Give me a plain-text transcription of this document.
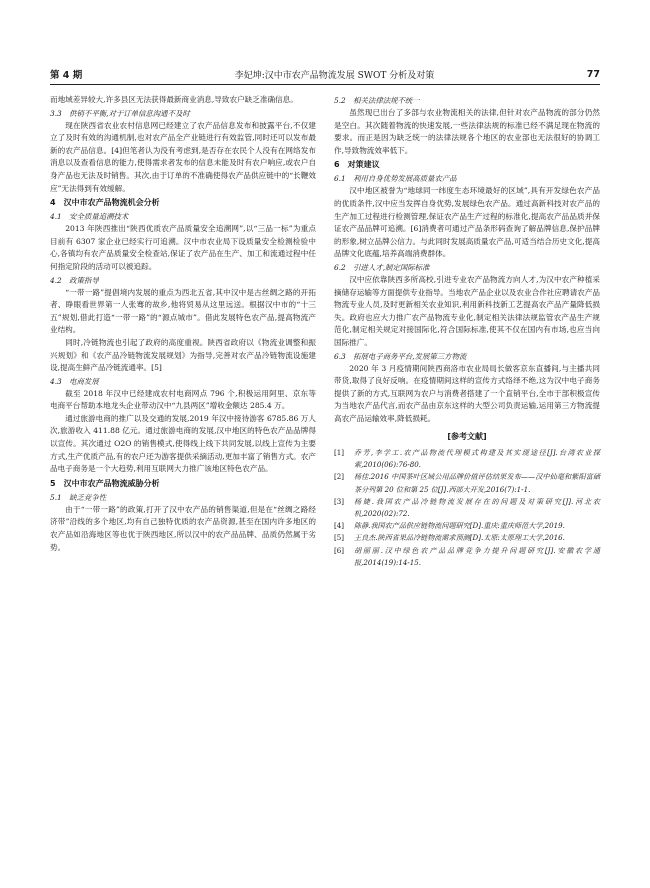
第 4 期	李妃坤:汉中市农产品物流发展 SWOT 分析及对策	77

而地域差异较大,许多县区无法获得最新商业消息,导致农户缺乏准确信息。

3.3　供销不平衡,对于订单信息沟通不及时

现在陕西省农业农村信息网已经建立了农产品信息发布和披露平台,不仅建立了及时有效的沟通机制,也对农产品全产业链进行有效监管,同时还可以发布最新的农产品信息。[4]但笔者认为没有考虑到,是否存在农民个人没有在网络发布消息以及查看信息的能力,使得需求者发布的信息未能及时有农户响应,或农户自身产品也无法及时销售。其次,由于订单的不准确使得农产品供应链中的“长鞭效应”无法得到有效缓解。

4　汉中市农产品物流机会分析
4.1　安全质量追溯技术

2013 年陕西推出“陕西优质农产品质量安全追溯网”,以“三品一标”为重点目前有 6307 家企业已经实行可追溯。汉中市农业局下设质量安全检测检验中心,各镇均有农产品质量安全检查站,保证了农产品在生产、加工和流通过程中任何指定阶段的活动可以被追踪。

4.2　政策指导

“一带一路”提倡境内发展的重点为西北五省,其中汉中是古丝绸之路的开拓者、睁眼看世界第一人张骞的故乡,他将贸易从这里远送。根据汉中市的“十三五”规划,借此打造“一带一路”的“源点城市”。借此发展特色农产品,提高物流产业结构。

同时,冷链物流也引起了政府的高度重视。陕西省政府以《物流业调整和振兴规划》和《农产品冷链物流发展规划》为指导,完善对农产品冷链物流设施建设,提高生鲜产品冷链流通率。[5]

4.3　电商发展

截至 2018 年汉中已经建成农村电商网点 796 个,积极运用阿里、京东等电商平台帮助本地龙头企业带动汉中“九县两区”增收金额达 285.4 万。

通过旅游电商的推广以及交通的发展,2019 年汉中接待游客 6785.86 万人次,旅游收入 411.88 亿元。通过旅游电商的发展,汉中地区的特色农产品品牌得以宣传。其次通过 O2O 的销售模式,使得线上线下共同发展,以线上宣传为主要方式,生产优质产品,有的农户还为游客提供采摘活动,更加丰富了销售方式。农产品电子商务是一个大趋势,利用互联网大力推广该地区特色农产品。

5　汉中市农产品物流威胁分析
5.1　缺乏竞争性

由于“一带一路”的政策,打开了汉中农产品的销售渠道,但是在“丝绸之路经济带”沿线的多个地区,均有自己独特优质的农产品资源,甚至在国内许多地区的农产品如沿海地区等也优于陕西地区,所以汉中的农产品品牌、品质仍然属于劣势。

5.2　相关法律法规不统一

虽然现已出台了多部与农业物流相关的法律,但针对农产品物流的部分仍然是空白。其次随着物流的快速发展,一些法律法规的标准已经不满足现在物流的要求。而正是因为缺乏统一的法律法规各个地区的农业部也无法很好的协调工作,导致物流效率低下。

6　对策建议
6.1　利用自身优势发展高质量农产品

汉中地区被誉为“地球同一纬度生态环境最好的区域”,具有开发绿色农产品的优质条件,汉中应当发挥自身优势,发展绿色农产品。通过高新科技对农产品的生产加工过程进行检测管理,保证农产品生产过程的标准化,提高农产品品质并保证农产品品牌可追溯。[6]消费者可通过产品条形码查询了解品牌信息,保护品牌的形象,树立品牌公信力。与此同时发展高质量农产品,可适当结合历史文化,提高品牌文化底蕴,培养高端消费群体。

6.2　引进人才,制定国际标准

汉中应依靠陕西多所高校,引进专业农产品物流方向人才,为汉中农产种植采摘储存运输等方面提供专业指导。当地农产品企业以及农业合作社应聘请农产品物流专业人员,及时更新相关农业知识,利用新科技新工艺提高农产品产量降低损失。政府也应大力推广农产品物流专业化,制定相关法律法规监管农产品生产规范化,制定相关规定对接国际化,符合国际标准,使其不仅在国内有市场,也应当向国际推广。

6.3　拓展电子商务平台,发展第三方物流

2020 年 3 月疫情期间陕西商洛市农业局局长做客京东直播间,与主播共同带货,取得了良好反响。在疫情期间这样的宣传方式络绎不绝,这为汉中电子商务提供了新的方式,互联网为农户与消费者搭建了一个直销平台,全市于部积极宣传为当地农产品代言,而农产品由京东这样的大型公司负责运输,运用第三方物流提高农产品运输效率,降低损耗。

[参考文献]
[1]	乔芳,李学工.农产品物流代理模式构建及其实现途径[J].台湾农业探索,2010(06):76-80.
[2]	杨佳.2016 中国茶叶区域公用品牌价值评估结果发布——汉中仙毫和紫阳富硒茶分列第 20 位和第 25 位[J].西部大开发,2016(7):1-1.
[3]	杨婕.我国农产品冷链物流发展存在的问题及对策研究[J].河北农机,2020(02):72.
[4]	陈静.我国农产品供应链物流问题研究[D].重庆:重庆师范大学,2019.
[5]	王良杰.陕西省果品冷链物流需求预测[D].太原:太原理工大学,2016.
[6]	胡丽丽.汉中绿色农产品品牌竞争力提升问题研究[J].安徽农学通报,2014(19):14-15.
